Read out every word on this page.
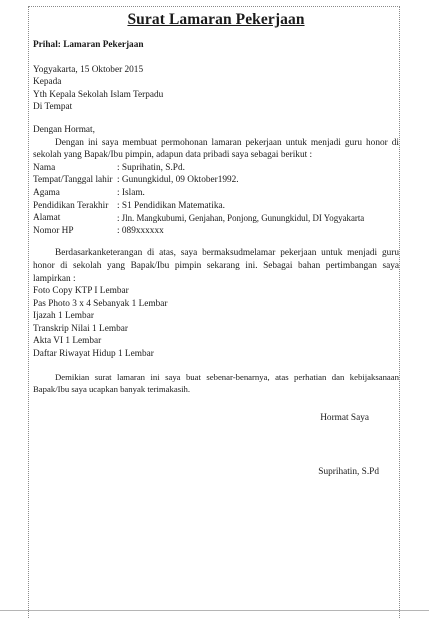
Surat Lamaran Pekerjaan

Prihal: Lamaran Pekerjaan

Yogyakarta, 15 Oktober 2015

Kepada

Yth Kepala Sekolah Islam Terpadu

Di Tempat

Dengan Hormat,

Dengan ini saya membuat permohonan lamaran pekerjaan untuk menjadi guru honor di sekolah yang Bapak/Ibu pimpin, adapun data pribadi saya sebagai berikut :

Nama	: Suprihatin, S.Pd.
Tempat/Tanggal lahir : Gunungkidul, 09 Oktober1992.
Agama	: Islam.
Pendidikan Terakhir : S1 Pendidikan Matematika.
Alamat	: Jln. Mangkubumi, Genjahan, Ponjong, Gunungkidul, DI Yogyakarta
Nomor HP	: 089xxxxxx

Berdasarkanketerangan di atas, saya bermaksudmelamar pekerjaan untuk menjadi guru honor di sekolah yang Bapak/Ibu pimpin sekarang ini. Sebagai bahan pertimbangan saya lampirkan :

Foto Copy KTP I Lembar

Pas Photo 3 x 4 Sebanyak 1 Lembar

Ijazah 1 Lembar

Transkrip Nilai 1 Lembar

Akta VI 1 Lembar

Daftar Riwayat Hidup 1 Lembar

Demikian surat lamaran ini saya buat sebenar-benarnya, atas perhatian dan kebijaksanaan Bapak/Ibu saya ucapkan banyak terimakasih.

Hormat Saya

Suprihatin, S.Pd
